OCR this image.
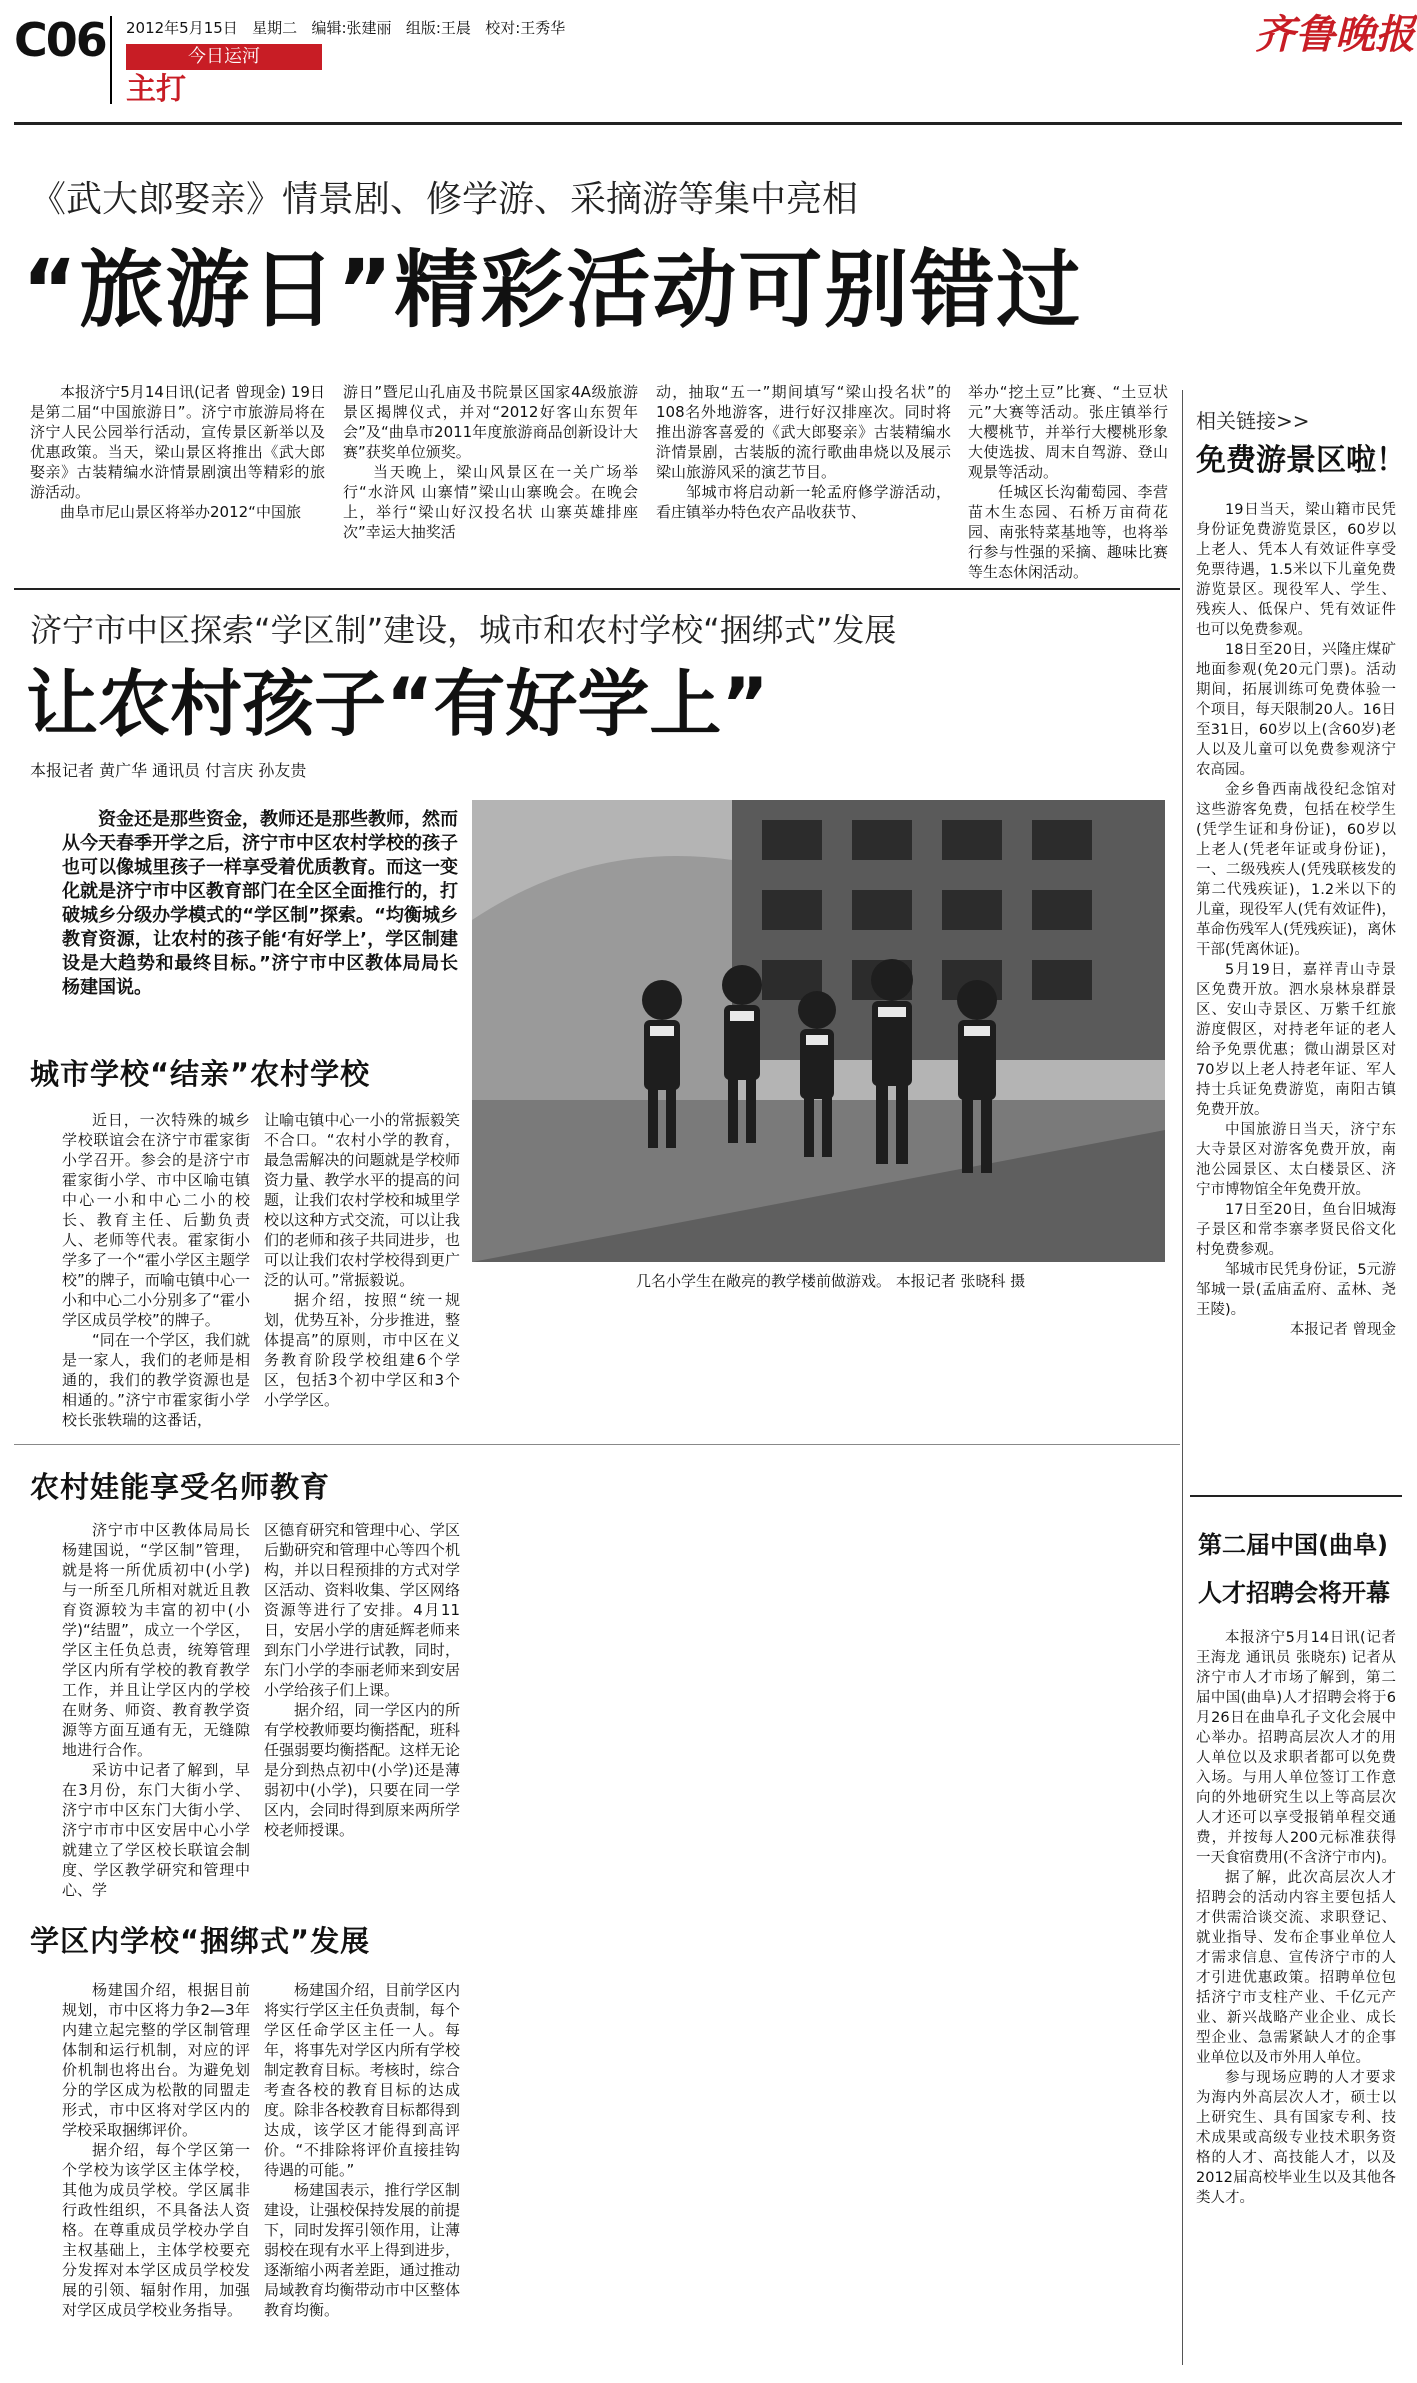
C06 2012年5月15日 星期二 编辑:张建丽 组版:王晨 校对:王秀华
今日运河
主打
齐鲁晚报
《武大郎娶亲》情景剧、修学游、采摘游等集中亮相
“旅游日”精彩活动可别错过

本报济宁5月14日讯(记者 曾现金) 19日是第二届“中国旅游日”。济宁市旅游局将在济宁人民公园举行活动，宣传景区新举以及优惠政策。当天，梁山景区将推出《武大郎娶亲》古装精编水浒情景剧演出等精彩的旅游活动。

曲阜市尼山景区将举办2012“中国旅

游日”暨尼山孔庙及书院景区国家4A级旅游景区揭牌仪式，并对“2012好客山东贺年会”及“曲阜市2011年度旅游商品创新设计大赛”获奖单位颁奖。

当天晚上，梁山风景区在一关广场举行“水浒风 山寨情”梁山山寨晚会。在晚会上，举行“梁山好汉投名状 山寨英雄排座次”幸运大抽奖活

动，抽取“五一”期间填写“梁山投名状”的108名外地游客，进行好汉排座次。同时将推出游客喜爱的《武大郎娶亲》古装精编水浒情景剧，古装版的流行歌曲串烧以及展示梁山旅游风采的演艺节目。

邹城市将启动新一轮孟府修学游活动，看庄镇举办特色农产品收获节、

举办“挖土豆”比赛、“土豆状元”大赛等活动。张庄镇举行大樱桃节，并举行大樱桃形象大使选拔、周末自驾游、登山观景等活动。

任城区长沟葡萄园、李营苗木生态园、石桥万亩荷花园、南张特菜基地等，也将举行参与性强的采摘、趣味比赛等生态休闲活动。

相关链接>>
免费游景区啦！

19日当天，梁山籍市民凭身份证免费游览景区，60岁以上老人、凭本人有效证件享受免票待遇，1.5米以下儿童免费游览景区。现役军人、学生、残疾人、低保户、凭有效证件也可以免费参观。

18日至20日，兴隆庄煤矿地面参观(免20元门票)。活动期间，拓展训练可免费体验一个项目，每天限制20人。16日至31日，60岁以上(含60岁)老人以及儿童可以免费参观济宁农高园。

金乡鲁西南战役纪念馆对这些游客免费，包括在校学生(凭学生证和身份证)，60岁以上老人(凭老年证或身份证)，一、二级残疾人(凭残联核发的第二代残疾证)，1.2米以下的儿童，现役军人(凭有效证件)，革命伤残军人(凭残疾证)，离休干部(凭离休证)。

5月19日，嘉祥青山寺景区免费开放。泗水泉林泉群景区、安山寺景区、万紫千红旅游度假区，对持老年证的老人给予免票优惠；微山湖景区对70岁以上老人持老年证、军人持士兵证免费游览，南阳古镇免费开放。

中国旅游日当天，济宁东大寺景区对游客免费开放，南池公园景区、太白楼景区、济宁市博物馆全年免费开放。

17日至20日，鱼台旧城海子景区和常李寨孝贤民俗文化村免费参观。

邹城市民凭身份证，5元游邹城一景(孟庙孟府、孟林、尧王陵)。

本报记者 曾现金

第二届中国(曲阜)
人才招聘会将开幕

本报济宁5月14日讯(记者 王海龙 通讯员 张晓东) 记者从济宁市人才市场了解到，第二届中国(曲阜)人才招聘会将于6月26日在曲阜孔子文化会展中心举办。招聘高层次人才的用人单位以及求职者都可以免费入场。与用人单位签订工作意向的外地研究生以上等高层次人才还可以享受报销单程交通费，并按每人200元标准获得一天食宿费用(不含济宁市内)。

据了解，此次高层次人才招聘会的活动内容主要包括人才供需洽谈交流、求职登记、就业指导、发布企事业单位人才需求信息、宣传济宁市的人才引进优惠政策。招聘单位包括济宁市支柱产业、千亿元产业、新兴战略产业企业、成长型企业、急需紧缺人才的企事业单位以及市外用人单位。

参与现场应聘的人才要求为海内外高层次人才，硕士以上研究生、具有国家专利、技术成果或高级专业技术职务资格的人才、高技能人才，以及2012届高校毕业生以及其他各类人才。

济宁市中区探索“学区制”建设，城市和农村学校“捆绑式”发展
让农村孩子“有好学上”
本报记者 黄广华 通讯员 付言庆 孙友贵

资金还是那些资金，教师还是那些教师，然而从今天春季开学之后，济宁市中区农村学校的孩子也可以像城里孩子一样享受着优质教育。而这一变化就是济宁市中区教育部门在全区全面推行的，打破城乡分级办学模式的“学区制”探索。“均衡城乡教育资源，让农村的孩子能‘有好学上’，学区制建设是大趋势和最终目标。”济宁市中区教体局局长杨建国说。

几名小学生在敞亮的教学楼前做游戏。 本报记者 张晓科 摄
城市学校“结亲”农村学校

近日，一次特殊的城乡学校联谊会在济宁市霍家街小学召开。参会的是济宁市霍家街小学、市中区喻屯镇中心一小和中心二小的校长、教育主任、后勤负责人、老师等代表。霍家街小学多了一个“霍小学区主题学校”的牌子，而喻屯镇中心一小和中心二小分别多了“霍小学区成员学校”的牌子。

“同在一个学区，我们就是一家人，我们的老师是相通的，我们的教学资源也是相通的。”济宁市霍家街小学校长张轶瑞的这番话，

让喻屯镇中心一小的常振毅笑不合口。“农村小学的教育，最急需解决的问题就是学校师资力量、教学水平的提高的问题，让我们农村学校和城里学校以这种方式交流，可以让我们的老师和孩子共同进步，也可以让我们农村学校得到更广泛的认可。”常振毅说。

据介绍，按照“统一规划，优势互补，分步推进，整体提高”的原则，市中区在义务教育阶段学校组建6个学区，包括3个初中学区和3个小学学区。

农村娃能享受名师教育

济宁市中区教体局局长杨建国说，“学区制”管理，就是将一所优质初中(小学)与一所至几所相对就近且教育资源较为丰富的初中(小学)“结盟”，成立一个学区，学区主任负总责，统筹管理学区内所有学校的教育教学工作，并且让学区内的学校在财务、师资、教育教学资源等方面互通有无，无缝隙地进行合作。

采访中记者了解到，早在3月份，东门大街小学、济宁市中区东门大街小学、济宁市市中区安居中心小学就建立了学区校长联谊会制度、学区教学研究和管理中心、学

区德育研究和管理中心、学区后勤研究和管理中心等四个机构，并以日程预排的方式对学区活动、资料收集、学区网络资源等进行了安排。4月11日，安居小学的唐延辉老师来到东门小学进行试教，同时，东门小学的李丽老师来到安居小学给孩子们上课。

据介绍，同一学区内的所有学校教师要均衡搭配，班科任强弱要均衡搭配。这样无论是分到热点初中(小学)还是薄弱初中(小学)，只要在同一学区内，会同时得到原来两所学校老师授课。

学区内学校“捆绑式”发展

杨建国介绍，根据目前规划，市中区将力争2—3年内建立起完整的学区制管理体制和运行机制，对应的评价机制也将出台。为避免划分的学区成为松散的同盟走形式，市中区将对学区内的学校采取捆绑评价。

据介绍，每个学区第一个学校为该学区主体学校，其他为成员学校。学区属非行政性组织，不具备法人资格。在尊重成员学校办学自主权基础上，主体学校要充分发挥对本学区成员学校发展的引领、辐射作用，加强对学区成员学校业务指导。

杨建国介绍，目前学区内将实行学区主任负责制，每个学区任命学区主任一人。每年，将事先对学区内所有学校制定教育目标。考核时，综合考查各校的教育目标的达成度。除非各校教育目标都得到达成，该学区才能得到高评价。“不排除将评价直接挂钩待遇的可能。”

杨建国表示，推行学区制建设，让强校保持发展的前提下，同时发挥引领作用，让薄弱校在现有水平上得到进步，逐渐缩小两者差距，通过推动局域教育均衡带动市中区整体教育均衡。
